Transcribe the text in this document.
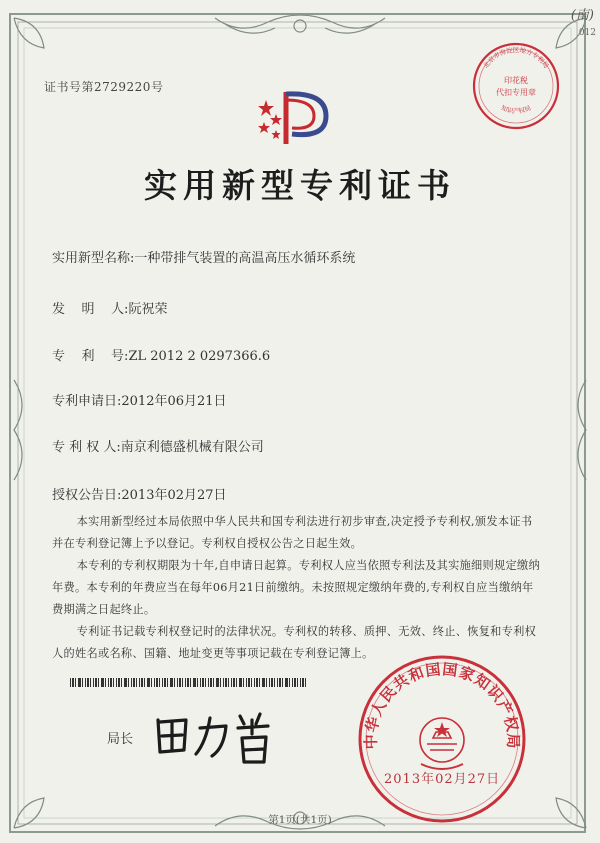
(南)
012
证书号第2729220号	印花税
代扣专用章
北京市海淀区地方专利局
知识产权局
实用新型专利证书
实用新型名称:一种带排气装置的高温高压水循环系统
发    明    人:阮祝荣
专    利    号:ZL 2012 2 0297366.6
专利申请日:2012年06月21日
专 利 权 人:南京利德盛机械有限公司
授权公告日:2013年02月27日

本实用新型经过本局依照中华人民共和国专利法进行初步审查,决定授予专利权,颁发本证书并在专利登记簿上予以登记。专利权自授权公告之日起生效。

本专利的专利权期限为十年,自申请日起算。专利权人应当依照专利法及其实施细则规定缴纳年费。本专利的年费应当在每年06月21日前缴纳。未按照规定缴纳年费的,专利权自应当缴纳年费期满之日起终止。

专利证书记载专利权登记时的法律状况。专利权的转移、质押、无效、终止、恢复和专利权人的姓名或名称、国籍、地址变更等事项记载在专利登记簿上。

局长	中华人民共和国国家知识产权局
2013年02月27日
第1页(共1页)
